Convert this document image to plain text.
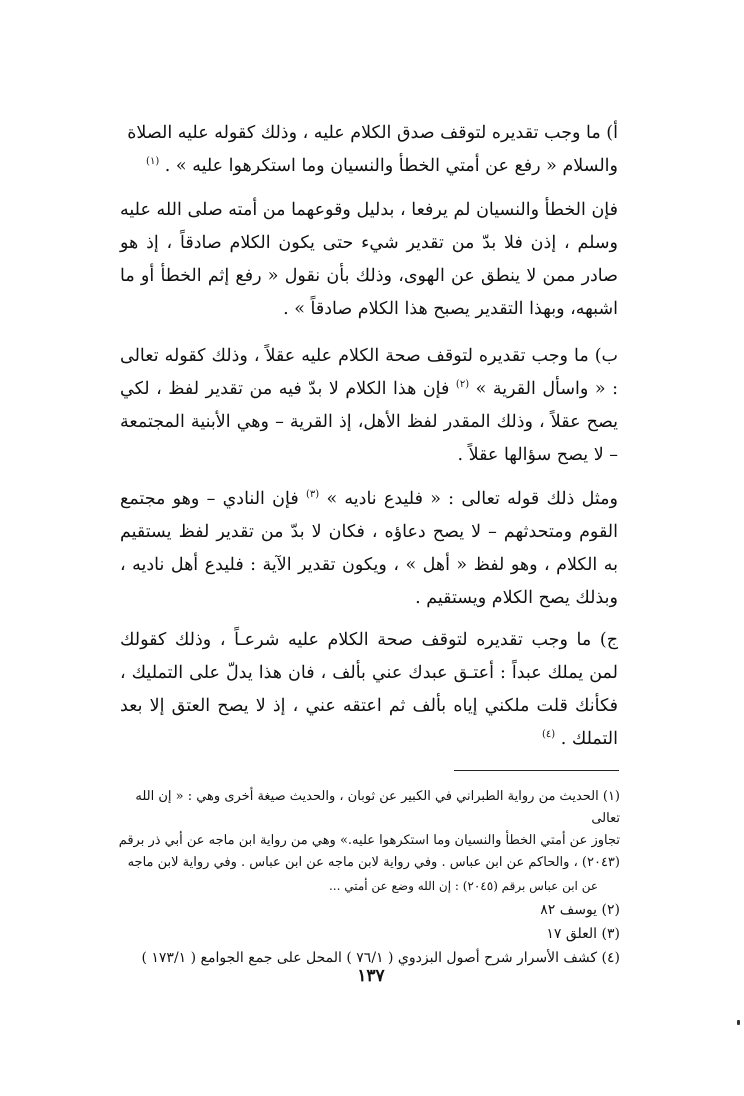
أ) ما وجب تقديره لتوقف صدق الكلام عليه ، وذلك كقوله عليه الصلاة
والسلام « رفع عن أمتي الخطأ والنسيان وما استكرهوا عليه » . $^{(١)}$
فإن الخطأ والنسيان لم يرفعا ، بدليل وقوعهما من أمته صلى الله عليه وسلم ، إذن فلا بدّ من تقدير شيء حتى يكون الكلام صادقاً ، إذ هو صادر ممن لا ينطق عن الهوى، وذلك بأن نقول « رفع إثم الخطأ أو ما اشبهه، وبهذا التقدير يصبح هذا الكلام صادقاً » .
ب) ما وجب تقديره لتوقف صحة الكلام عليه عقلاً ، وذلك كقوله تعالى : « واسأل القرية » $^{(٢)}$ فإن هذا الكلام لا بدّ فيه من تقدير لفظ ، لكي يصح عقلاً ، وذلك المقدر لفظ الأهل، إذ القرية – وهي الأبنية المجتمعة – لا يصح سؤالها عقلاً .
ومثل ذلك قوله تعالى : « فليدع ناديه » $^{(٣)}$ فإن النادي – وهو مجتمع القوم ومتحدثهم – لا يصح دعاؤه ، فكان لا بدّ من تقدير لفظ يستقيم به الكلام ، وهو لفظ « أهل » ، ويكون تقدير الآية : فليدع أهل ناديه ، وبذلك يصح الكلام ويستقيم .
ج) ما وجب تقديره لتوقف صحة الكلام عليه شرعـاً ، وذلك كقولك لمن يملك عبداً : أعتـق عبدك عني بألف ، فان هذا يدلّ على التمليك ، فكأنك قلت ملكني إياه بألف ثم اعتقه عني ، إذ لا يصح العتق إلا بعد التملك . $^{(٤)}$
(١) الحديث من رواية الطبراني في الكبير عن ثوبان ، والحديث صيغة أخرى وهي : « إن الله تعالى
تجاوز عن أمتي الخطأ والنسيان وما استكرهوا عليه.» وهي من رواية ابن ماجه عن أبي ذر برقم
(٢٠٤٣) ، والحاكم عن ابن عباس . وفي رواية لابن ماجه عن ابن عباس . وفي رواية لابن ماجه
عن ابن عباس برقم (٢٠٤٥) : إن الله وضع عن أمتي ...
(٢) يوسف ٨٢
(٣) العلق ١٧
(٤) كشف الأسرار شرح أصول البزدوي ( ٧٦/١ ) المحل على جمع الجوامع ( ١٧٣/١ )
١٣٧
